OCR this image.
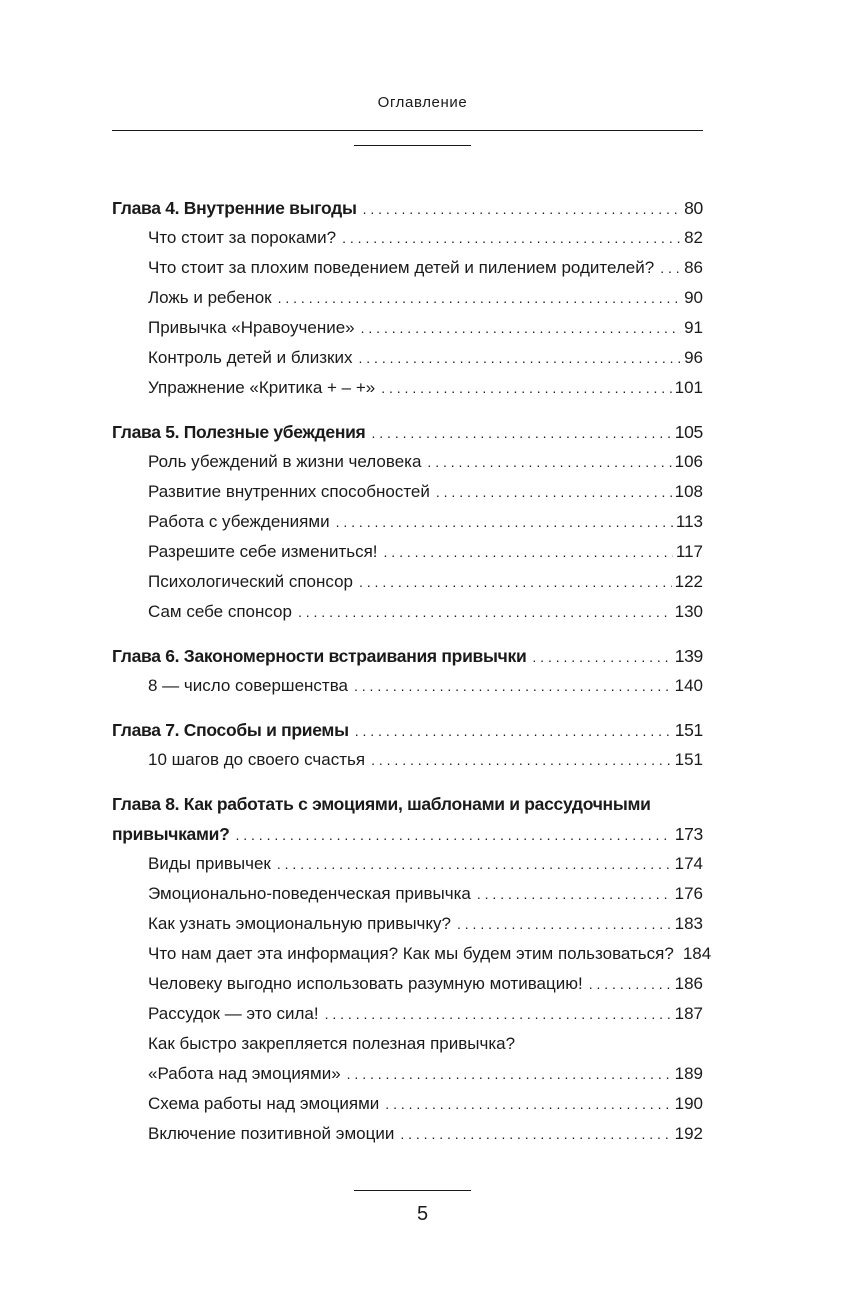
Оглавление
Глава 4. Внутренние выгоды . . .	80
Что стоит за пороками? . . .	82
Что стоит за плохим поведением детей и пилением родителей? . . . 86
Ложь и ребенок . . .	90
Привычка «Нравоучение» . . .	91
Контроль детей и близких . . .	96
Упражнение «Критика + – +» . . .	101
Глава 5. Полезные убеждения . . .	105
Роль убеждений в жизни человека . . .	106
Развитие внутренних способностей . . .	108
Работа с убеждениями . . .	113
Разрешите себе измениться! . . .	117
Психологический спонсор . . .	122
Сам себе спонсор . . .	130
Глава 6. Закономерности встраивания привычки . . .	139
8 — число совершенства . . .	140
Глава 7. Способы и приемы . . .	151
10 шагов до своего счастья . . .	151
Глава 8. Как работать с эмоциями, шаблонами и рассудочными
привычками? . . .	173
Виды привычек . . .	174
Эмоционально-поведенческая привычка . . .	176
Как узнать эмоциональную привычку? . . .	183
Что нам дает эта информация? Как мы будем этим пользоваться? 184
Человеку выгодно использовать разумную мотивацию! . . .	186
Рассудок — это сила! . . .	187
Как быстро закрепляется полезная привычка?
«Работа над эмоциями» . . .	189
Схема работы над эмоциями . . .	190
Включение позитивной эмоции . . .	192
5
